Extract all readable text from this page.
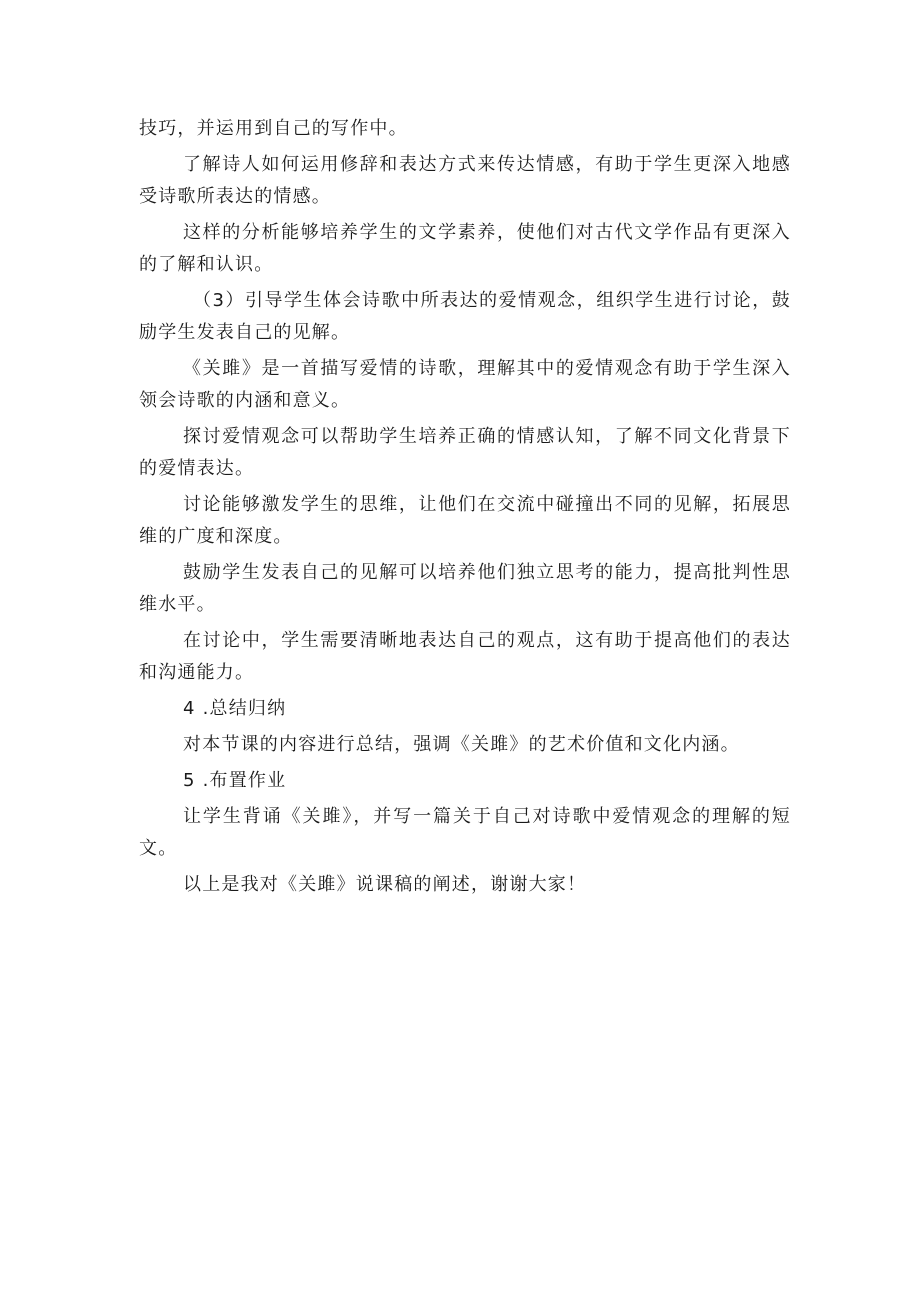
技巧，并运用到自己的写作中。

了解诗人如何运用修辞和表达方式来传达情感，有助于学生更深入地感受诗歌所表达的情感。

这样的分析能够培养学生的文学素养，使他们对古代文学作品有更深入的了解和认识。

（3）引导学生体会诗歌中所表达的爱情观念，组织学生进行讨论，鼓励学生发表自己的见解。

《关雎》是一首描写爱情的诗歌，理解其中的爱情观念有助于学生深入领会诗歌的内涵和意义。

探讨爱情观念可以帮助学生培养正确的情感认知，了解不同文化背景下的爱情表达。

讨论能够激发学生的思维，让他们在交流中碰撞出不同的见解，拓展思维的广度和深度。

鼓励学生发表自己的见解可以培养他们独立思考的能力，提高批判性思维水平。

在讨论中，学生需要清晰地表达自己的观点，这有助于提高他们的表达和沟通能力。

4 .总结归纳

对本节课的内容进行总结，强调《关雎》的艺术价值和文化内涵。

5 .布置作业

让学生背诵《关雎》，并写一篇关于自己对诗歌中爱情观念的理解的短文。

以上是我对《关雎》说课稿的阐述，谢谢大家！
